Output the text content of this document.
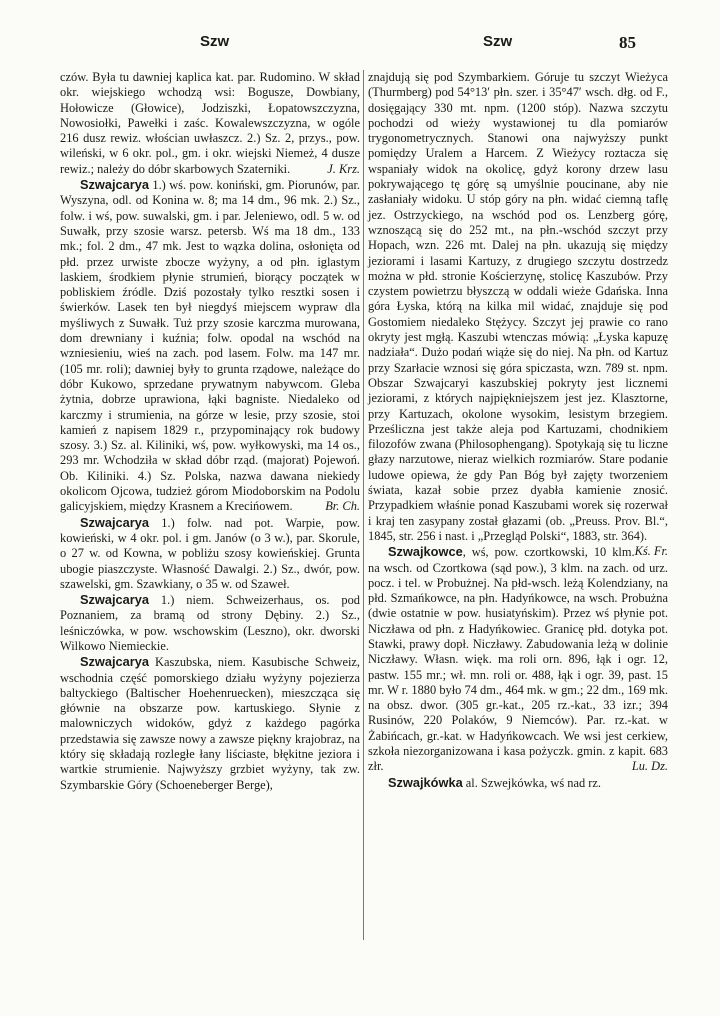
Szw	Szw	85

czów. Była tu dawniej kaplica kat. par. Rudomino. W skład okr. wiejskiego wchodzą wsi: Bogusze, Dowbiany, Hołowicze (Głowice), Jodziszki, Łopatowszczyzna, Nowosiołki, Pawełki i zaśc. Kowalewszczyzna, w ogóle 216 dusz rewiz. włościan uwłaszcz. 2.) Sz. 2, przys., pow. wileński, w 6 okr. pol., gm. i okr. wiejski Niemeż, 4 dusze rewiz.; należy do dóbr skarbowych Szaterniki.	J. Krz.

Szwajcarya 1.) wś. pow. koniński, gm. Piorunów, par. Wyszyna, odl. od Konina w. 8; ma 14 dm., 96 mk. 2.) Sz., folw. i wś, pow. suwalski, gm. i par. Jeleniewo, odl. 5 w. od Suwałk, przy szosie warsz. petersb. Wś ma 18 dm., 133 mk.; fol. 2 dm., 47 mk. Jest to wązka dolina, osłonięta od płd. przez urwiste zbocze wyżyny, a od płn. iglastym laskiem, środkiem płynie strumień, biorący początek w pobliskiem źródle. Dziś pozostały tylko resztki sosen i świerków. Lasek ten był niegdyś miejscem wypraw dla myśliwych z Suwałk. Tuż przy szosie karczma murowana, dom drewniany i kuźnia; folw. opodal na wschód na wzniesieniu, wieś na zach. pod lasem. Folw. ma 147 mr. (105 mr. roli); dawniej były to grunta rządowe, należące do dóbr Kukowo, sprzedane prywatnym nabywcom. Gleba żytnia, dobrze uprawiona, łąki bagniste. Niedaleko od karczmy i strumienia, na górze w lesie, przy szosie, stoi kamień z napisem 1829 r., przypominający rok budowy szosy. 3.) Sz. al. Kiliniki, wś, pow. wyłkowyski, ma 14 os., 293 mr. Wchodziła w skład dóbr rząd. (majorat) Pojewoń. Ob. Kiliniki. 4.) Sz. Polska, nazwa dawana niekiedy okolicom Ojcowa, tudzież górom Miodoborskim na Podolu galicyjskiem, między Krasnem a Krecińowem.	Br. Ch.

Szwajcarya 1.) folw. nad pot. Warpie, pow. kowieński, w 4 okr. pol. i gm. Janów (o 3 w.), par. Skorule, o 27 w. od Kowna, w pobliżu szosy kowieńskiej. Grunta ubogie piaszczyste. Własność Dawalgi. 2.) Sz., dwór, pow. szawelski, gm. Szawkiany, o 35 w. od Szaweł.

Szwajcarya 1.) niem. Schweizerhaus, os. pod Poznaniem, za bramą od strony Dębiny. 2.) Sz., leśniczówka, w pow. wschowskim (Leszno), okr. dworski Wilkowo Niemieckie.

Szwajcarya Kaszubska, niem. Kasubische Schweiz, wschodnia część pomorskiego działu wyżyny pojezierza baltyckiego (Baltischer Hoehenruecken), mieszcząca się głównie na obszarze pow. kartuskiego. Słynie z malowniczych widoków, gdyż z każdego pagórka przedstawia się zawsze nowy a zawsze piękny krajobraz, na który się składają rozległe łany liściaste, błękitne jeziora i wartkie strumienie. Najwyższy grzbiet wyżyny, tak zw. Szymbarskie Góry (Schoeneberger Berge),

znajdują się pod Szymbarkiem. Góruje tu szczyt Wieżyca (Thurmberg) pod 54°13′ płn. szer. i 35°47′ wsch. dłg. od F., dosięgający 330 mt. npm. (1200 stóp). Nazwa szczytu pochodzi od wieży wystawionej tu dla pomiarów trygonometrycznych. Stanowi ona najwyższy punkt pomiędzy Uralem a Harcem. Z Wieżycy roztacza się wspaniały widok na okolicę, gdyż korony drzew lasu pokrywającego tę górę są umyślnie poucinane, aby nie zasłaniały widoku. U stóp góry na płn. widać ciemną taflę jez. Ostrzyckiego, na wschód pod os. Lenzberg górę, wznoszącą się do 252 mt., na płn.-wschód szczyt przy Hopach, wzn. 226 mt. Dalej na płn. ukazują się między jeziorami i lasami Kartuzy, z drugiego szczytu dostrzedz można w płd. stronie Kościerzynę, stolicę Kaszubów. Przy czystem powietrzu błyszczą w oddali wieże Gdańska. Inna góra Łyska, którą na kilka mil widać, znajduje się pod Gostomiem niedaleko Stężycy. Szczyt jej prawie co rano okryty jest mgłą. Kaszubi wtenczas mówią: „Łyska kapuzę nadziała“. Dużo podań wiąże się do niej. Na płn. od Kartuz przy Szarłacie wznosi się góra spiczasta, wzn. 789 st. npm. Obszar Szwajcaryi kaszubskiej pokryty jest licznemi jeziorami, z których najpiękniejszem jest jez. Klasztorne, przy Kartuzach, okolone wysokim, lesistym brzegiem. Prześliczna jest także aleja pod Kartuzami, chodnikiem filozofów zwana (Philosophengang). Spotykają się tu liczne głazy narzutowe, nieraz wielkich rozmiarów. Stare podanie ludowe opiewa, że gdy Pan Bóg był zajęty tworzeniem świata, kazał sobie przez dyabła kamienie znosić. Przypadkiem właśnie ponad Kaszubami worek się rozerwał i kraj ten zasypany został głazami (ob. „Preuss. Prov. Bl.“, 1845, str. 256 i nast. i „Przegląd Polski“, 1883, str. 364).
Kś. Fr.

Szwajkowce, wś, pow. czortkowski, 10 klm. na wsch. od Czortkowa (sąd pow.), 3 klm. na zach. od urz. pocz. i tel. w Probużnej. Na płd-wsch. leżą Kolendziany, na płd. Szmańkowce, na płn. Hadyńkowce, na wsch. Probużna (dwie ostatnie w pow. husiatyńskim). Przez wś płynie pot. Niczława od płn. z Hadyńkowiec. Granicę płd. dotyka pot. Stawki, prawy dopł. Niczławy. Zabudowania leżą w dolinie Niczławy. Własn. więk. ma roli orn. 896, łąk i ogr. 12, pastw. 155 mr.; wł. mn. roli or. 488, łąk i ogr. 39, past. 15 mr. W r. 1880 było 74 dm., 464 mk. w gm.; 22 dm., 169 mk. na obsz. dwor. (305 gr.-kat., 205 rz.-kat., 33 izr.; 394 Rusinów, 220 Polaków, 9 Niemców). Par. rz.-kat. w Żabińcach, gr.-kat. w Hadyńkowcach. We wsi jest cerkiew, szkoła niezorganizowana i kasa pożyczk. gmin. z kapit. 683 złr.	Lu. Dz.

Szwajkówka al. Szwejkówka, wś nad rz.
